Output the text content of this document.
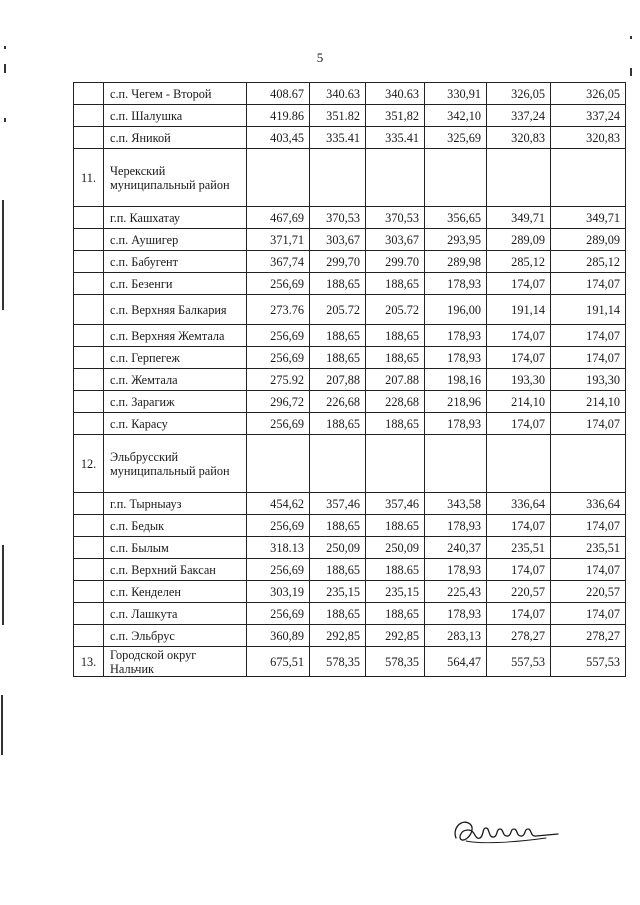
5
	с.п. Чегем - Второй	408.67	340.63	340.63	330,91	326,05	326,05
	с.п. Шалушка	419.86	351.82	351,82	342,10	337,24	337,24
	с.п. Яникой	403,45	335.41	335.41	325,69	320,83	320,83
11.	Черекский муниципальный район						
	г.п. Кашхатау	467,69	370,53	370,53	356,65	349,71	349,71
	с.п. Аушигер	371,71	303,67	303,67	293,95	289,09	289,09
	с.п. Бабугент	367,74	299,70	299.70	289,98	285,12	285,12
	с.п. Безенги	256,69	188,65	188,65	178,93	174,07	174,07
	с.п. Верхняя Балкария	273.76	205.72	205.72	196,00	191,14	191,14
	с.п. Верхняя Жемтала	256,69	188,65	188,65	178,93	174,07	174,07
	с.п. Герпегеж	256,69	188,65	188,65	178,93	174,07	174,07
	с.п. Жемтала	275.92	207,88	207.88	198,16	193,30	193,30
	с.п. Зарагиж	296,72	226,68	228,68	218,96	214,10	214,10
	с.п. Карасу	256,69	188,65	188,65	178,93	174,07	174,07
12.	Эльбрусский муниципальный район						
	г.п. Тырныауз	454,62	357,46	357,46	343,58	336,64	336,64
	с.п. Бедык	256,69	188,65	188.65	178,93	174,07	174,07
	с.п. Былым	318.13	250,09	250,09	240,37	235,51	235,51
	с.п. Верхний Баксан	256,69	188,65	188.65	178,93	174,07	174,07
	с.п. Кенделен	303,19	235,15	235,15	225,43	220,57	220,57
	с.п. Лашкута	256,69	188,65	188,65	178,93	174,07	174,07
	с.п. Эльбрус	360,89	292,85	292,85	283,13	278,27	278,27
13.	Городской округ Нальчик	675,51	578,35	578,35	564,47	557,53	557,53
